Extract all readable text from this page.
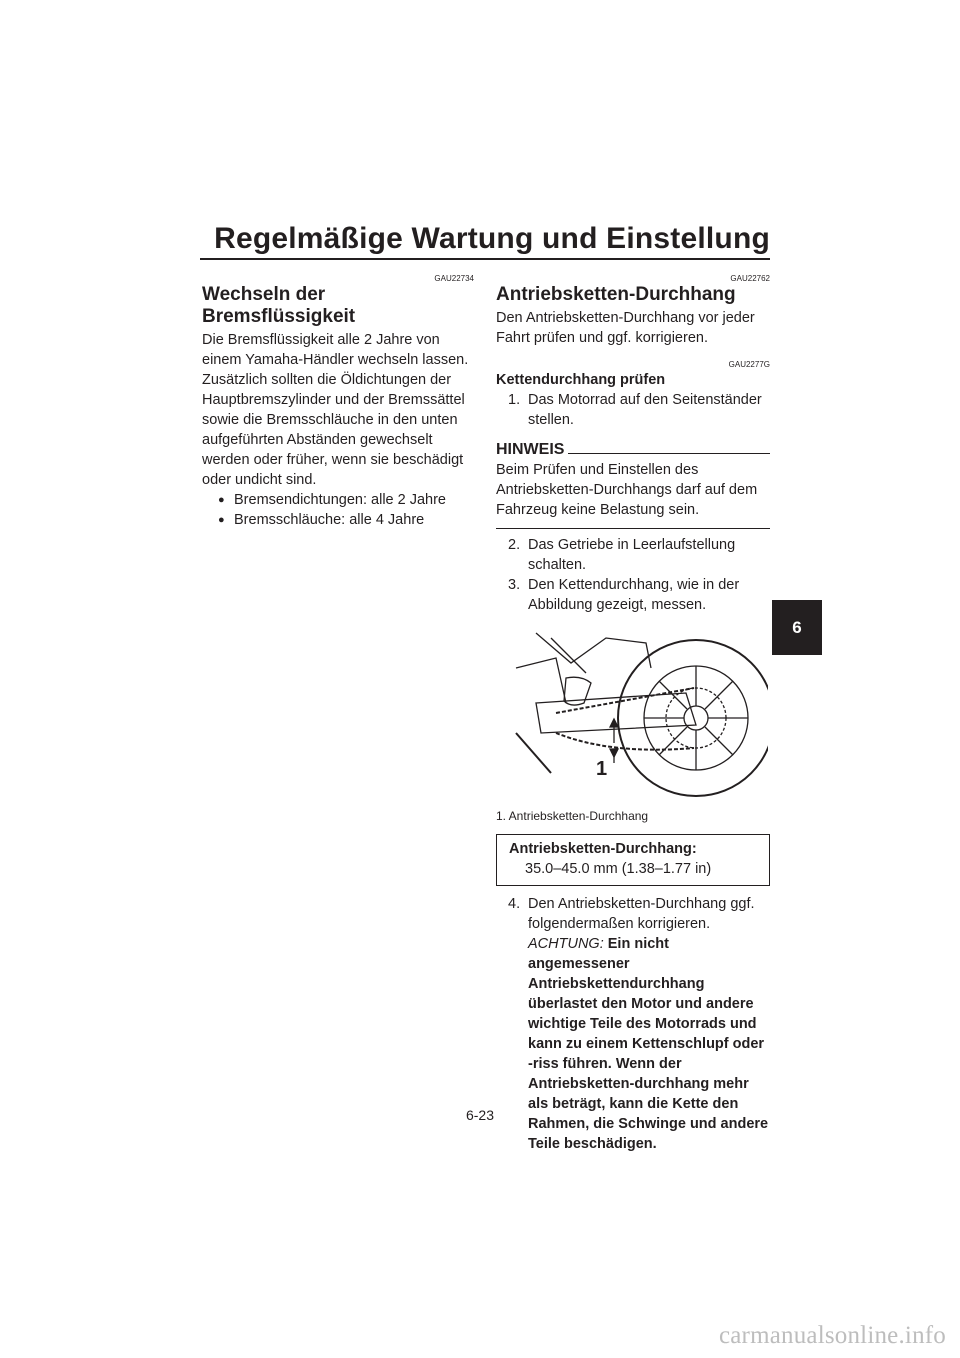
Regelmäßige Wartung und Einstellung
6
GAU22734
Wechseln der Bremsflüssigkeit

Die Bremsflüssigkeit alle 2 Jahre von einem Yamaha-Händler wechseln lassen. Zusätzlich sollten die Öldichtungen der Hauptbremszylinder und der Bremssättel sowie die Bremsschläuche in den unten aufgeführten Abständen gewechselt werden oder früher, wenn sie beschädigt oder undicht sind.

● Bremsendichtungen: alle 2 Jahre
● Bremsschläuche: alle 4 Jahre
GAU22762
Antriebsketten-Durchhang

Den Antriebsketten-Durchhang vor jeder Fahrt prüfen und ggf. korrigieren.

GAU2277G
Kettendurchhang prüfen
1. Das Motorrad auf den Seitenständer stellen.
HINWEIS

Beim Prüfen und Einstellen des Antriebsketten-Durchhangs darf auf dem Fahrzeug keine Belastung sein.

2. Das Getriebe in Leerlaufstellung schalten.
3. Den Kettendurchhang, wie in der Abbildung gezeigt, messen.
1
1. Antriebsketten-Durchhang
Antriebsketten-Durchhang:
35.0–45.0 mm (1.38–1.77 in)
4. Den Antriebsketten-Durchhang ggf. folgendermaßen korrigieren. ACHTUNG: Ein nicht angemessener Antriebskettendurchhang überlastet den Motor und andere wichtige Teile des Motorrads und kann zu einem Kettenschlupf oder -riss führen. Wenn der Antriebsketten-durchhang mehr als beträgt, kann die Kette den Rahmen, die Schwinge und andere Teile beschädigen.
6-23
carmanualsonline.info
